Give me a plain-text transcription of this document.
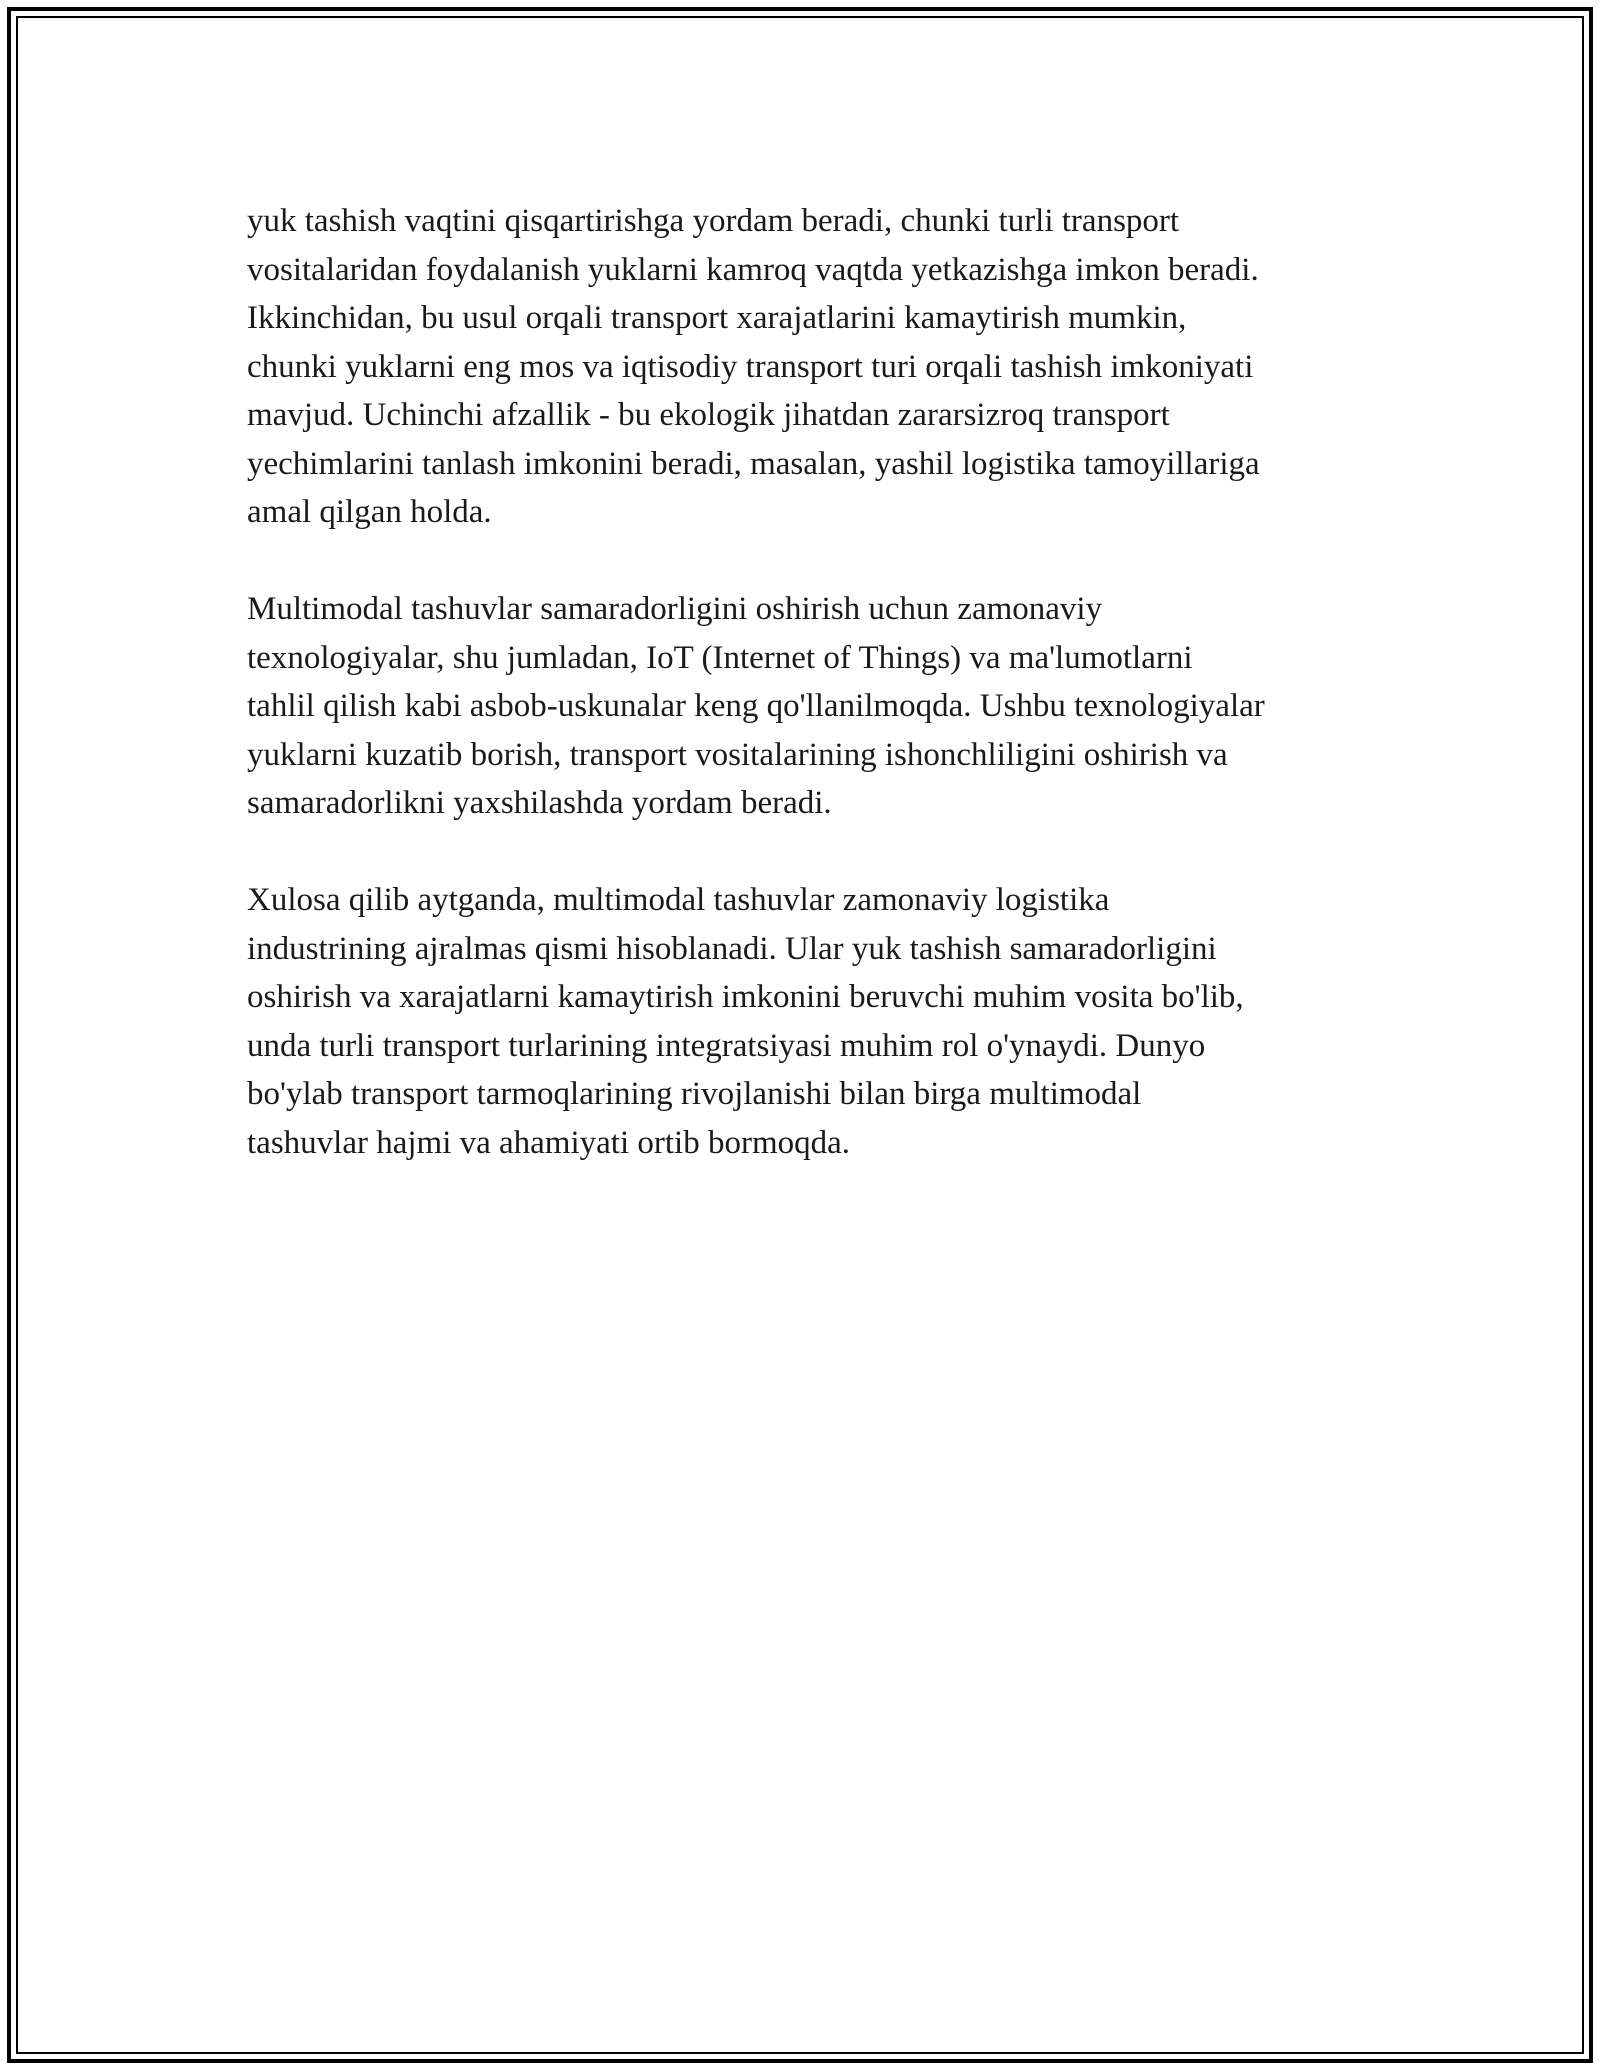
yuk tashish vaqtini qisqartirishga yordam beradi, chunki turli transport
vositalaridan foydalanish yuklarni kamroq vaqtda yetkazishga imkon beradi.
Ikkinchidan, bu usul orqali transport xarajatlarini kamaytirish mumkin,
chunki yuklarni eng mos va iqtisodiy transport turi orqali tashish imkoniyati
mavjud. Uchinchi afzallik - bu ekologik jihatdan zararsizroq transport
yechimlarini tanlash imkonini beradi, masalan, yashil logistika tamoyillariga
amal qilgan holda.
Multimodal tashuvlar samaradorligini oshirish uchun zamonaviy
texnologiyalar, shu jumladan, IoT (Internet of Things) va ma'lumotlarni
tahlil qilish kabi asbob-uskunalar keng qo'llanilmoqda. Ushbu texnologiyalar
yuklarni kuzatib borish, transport vositalarining ishonchliligini oshirish va
samaradorlikni yaxshilashda yordam beradi.
Xulosa qilib aytganda, multimodal tashuvlar zamonaviy logistika
industrining ajralmas qismi hisoblanadi. Ular yuk tashish samaradorligini
oshirish va xarajatlarni kamaytirish imkonini beruvchi muhim vosita bo'lib,
unda turli transport turlarining integratsiyasi muhim rol o'ynaydi. Dunyo
bo'ylab transport tarmoqlarining rivojlanishi bilan birga multimodal
tashuvlar hajmi va ahamiyati ortib bormoqda.
